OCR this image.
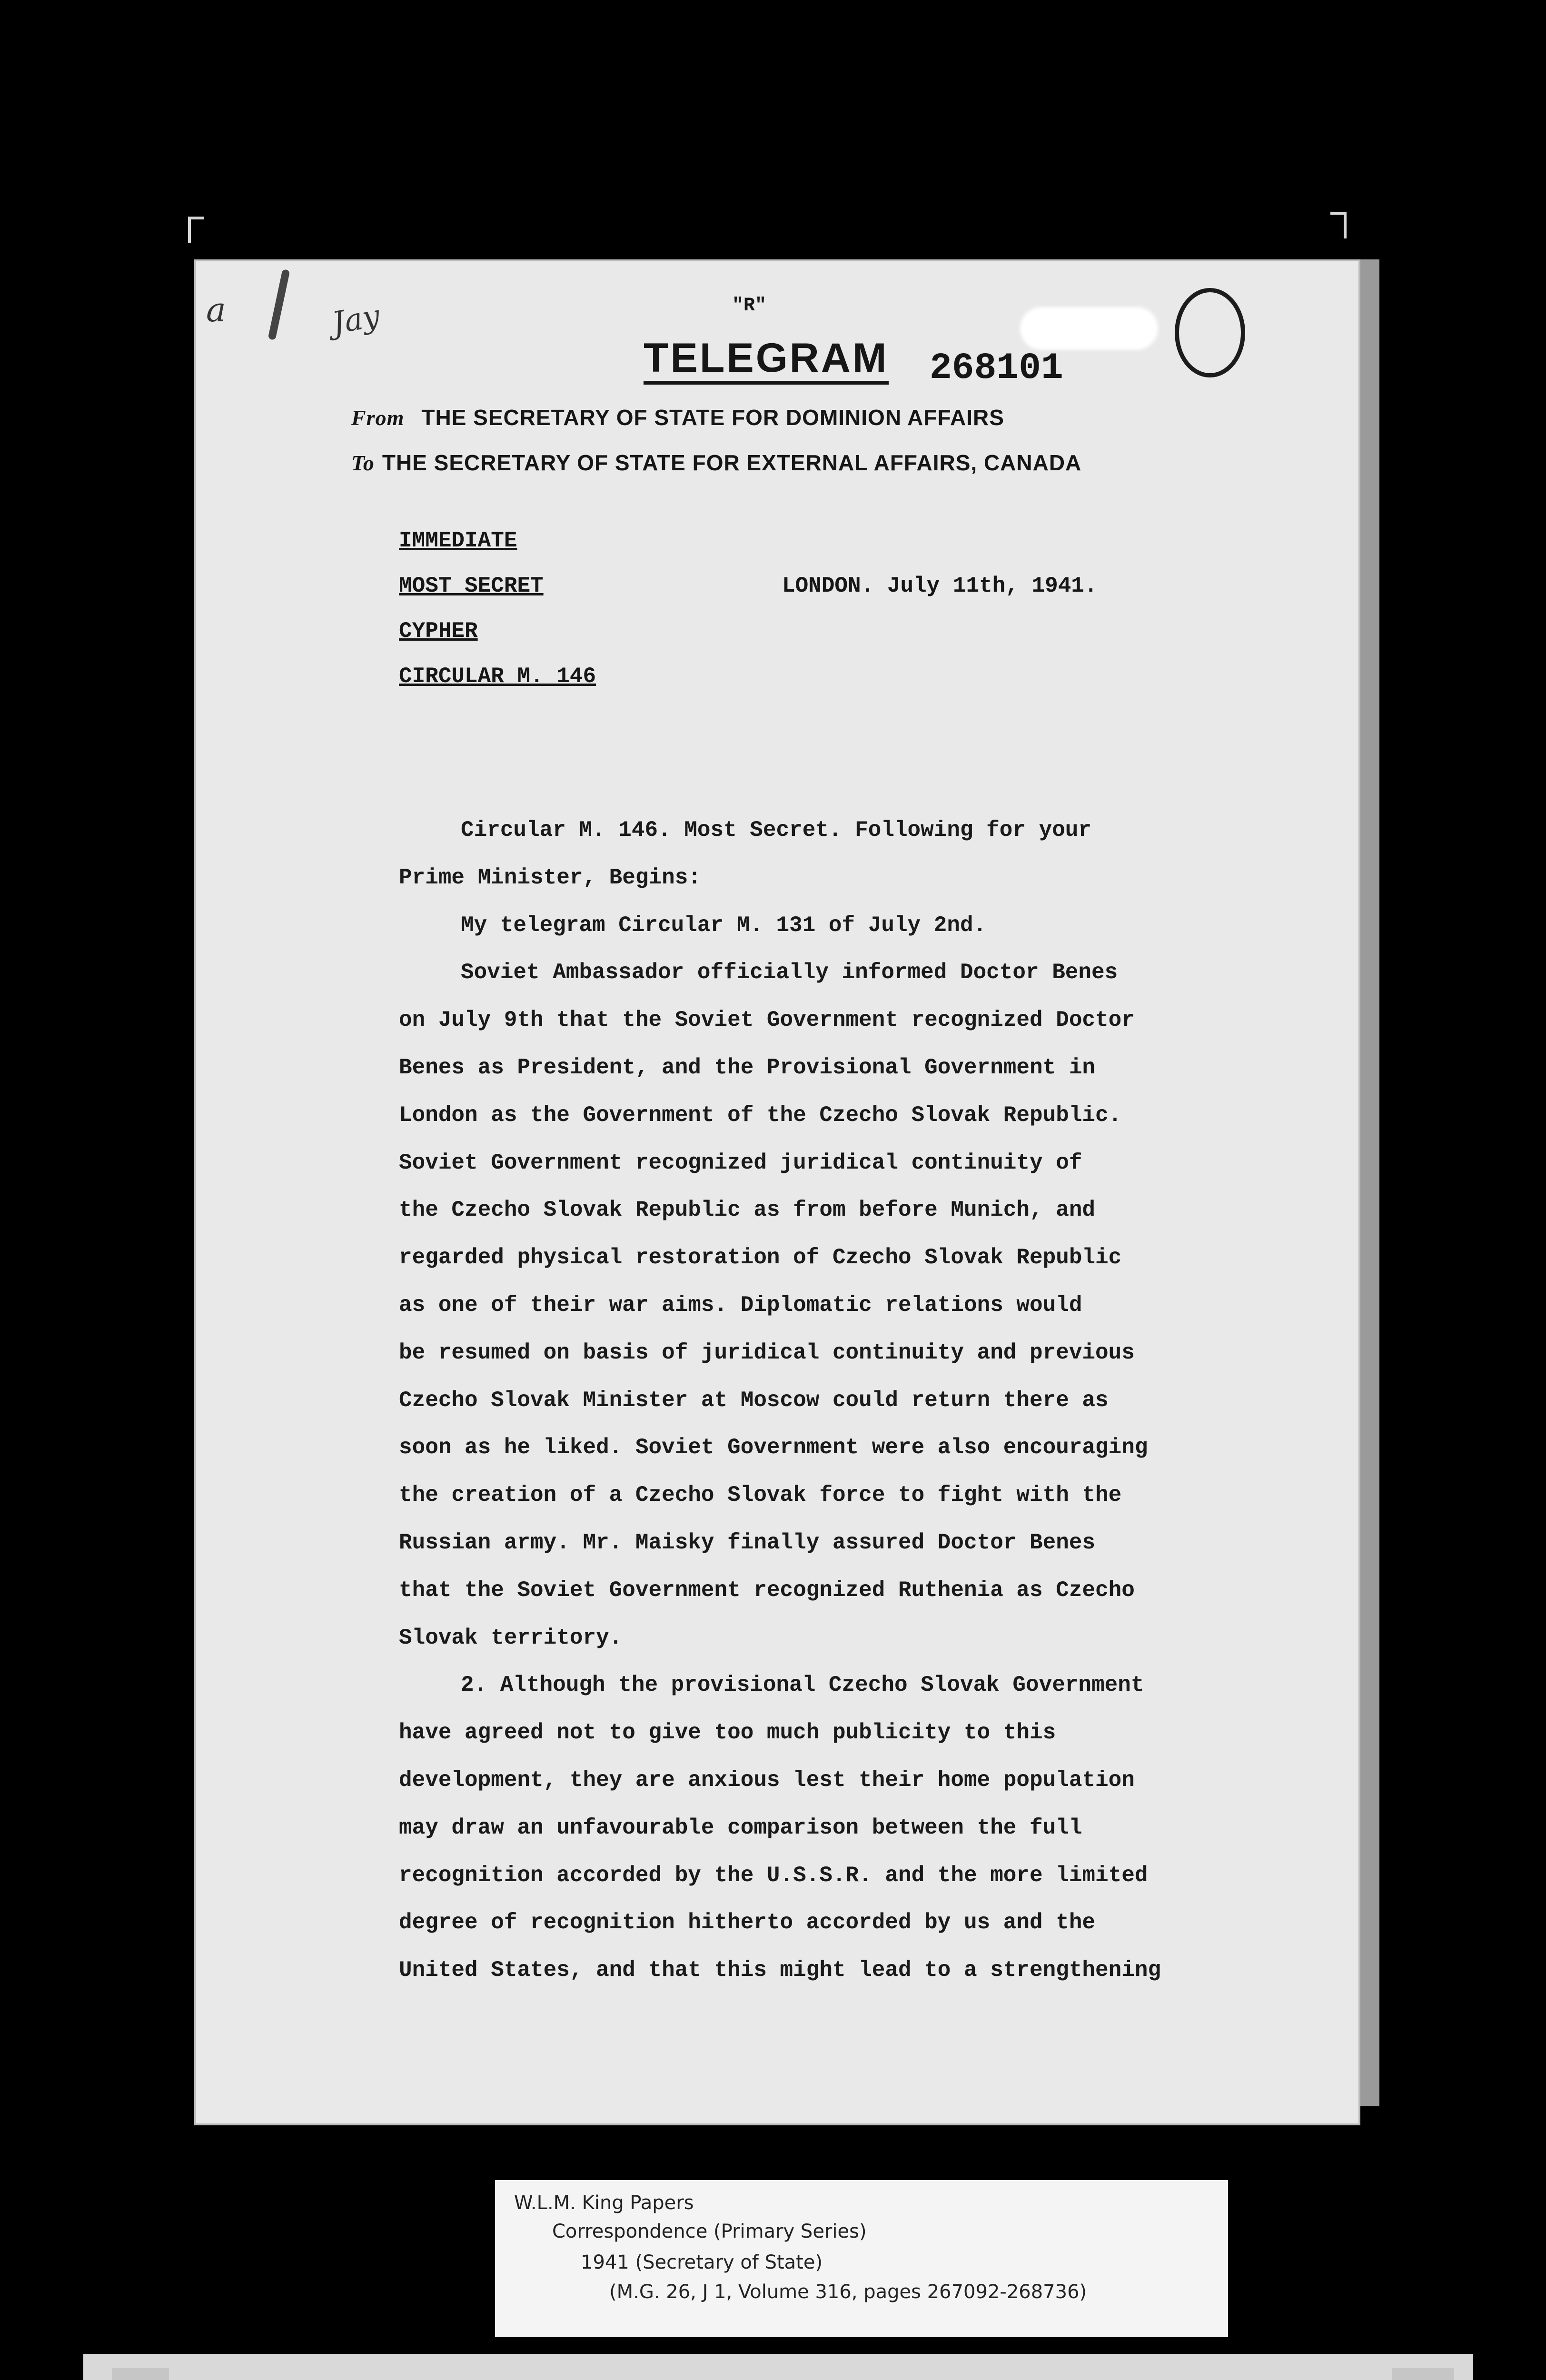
a	Jay	"R"
TELEGRAM 268101
From THE SECRETARY OF STATE FOR DOMINION AFFAIRS
To THE SECRETARY OF STATE FOR EXTERNAL AFFAIRS, CANADA
IMMEDIATE
MOST SECRET
CYPHER
CIRCULAR M. 146
LONDON. July 11th, 1941.

Circular M. 146. Most Secret. Following for your

Prime Minister, Begins:

My telegram Circular M. 131 of July 2nd.

Soviet Ambassador officially informed Doctor Benes

on July 9th that the Soviet Government recognized Doctor

Benes as President, and the Provisional Government in

London as the Government of the Czecho Slovak Republic.

Soviet Government recognized juridical continuity of

the Czecho Slovak Republic as from before Munich, and

regarded physical restoration of Czecho Slovak Republic

as one of their war aims. Diplomatic relations would

be resumed on basis of juridical continuity and previous

Czecho Slovak Minister at Moscow could return there as

soon as he liked. Soviet Government were also encouraging

the creation of a Czecho Slovak force to fight with the

Russian army. Mr. Maisky finally assured Doctor Benes

that the Soviet Government recognized Ruthenia as Czecho

Slovak territory.

2. Although the provisional Czecho Slovak Government

have agreed not to give too much publicity to this

development, they are anxious lest their home population

may draw an unfavourable comparison between the full

recognition accorded by the U.S.S.R. and the more limited

degree of recognition hitherto accorded by us and the

United States, and that this might lead to a strengthening

W.L.M. King Papers
Correspondence (Primary Series)
1941 (Secretary of State)
(M.G. 26, J 1, Volume 316, pages 267092-268736)
